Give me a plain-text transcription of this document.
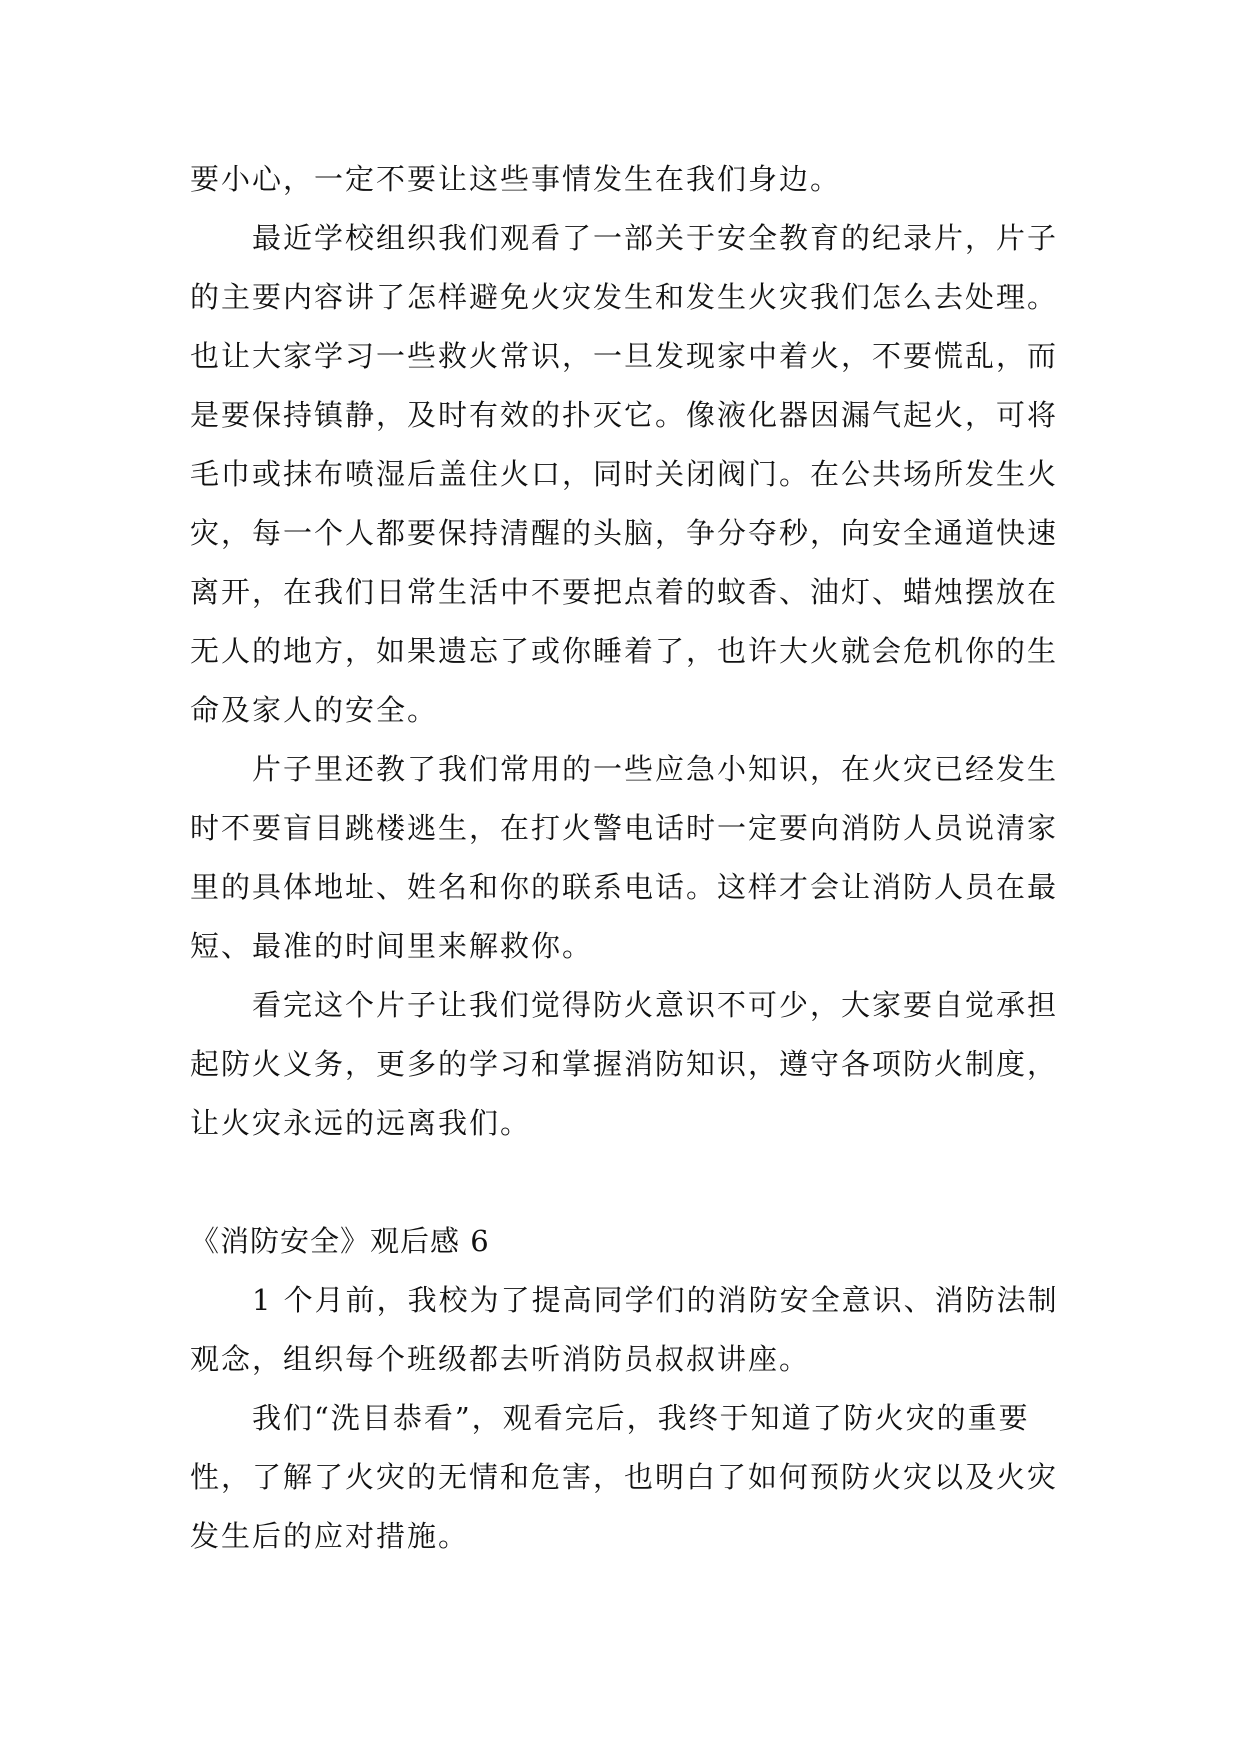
要小心，一定不要让这些事情发生在我们身边。

最近学校组织我们观看了一部关于安全教育的纪录片，片子的主要内容讲了怎样避免火灾发生和发生火灾我们怎么去处理。也让大家学习一些救火常识，一旦发现家中着火，不要慌乱，而是要保持镇静，及时有效的扑灭它。像液化器因漏气起火，可将毛巾或抹布喷湿后盖住火口，同时关闭阀门。在公共场所发生火灾，每一个人都要保持清醒的头脑，争分夺秒，向安全通道快速离开，在我们日常生活中不要把点着的蚊香、油灯、蜡烛摆放在无人的地方，如果遗忘了或你睡着了，也许大火就会危机你的生命及家人的安全。

片子里还教了我们常用的一些应急小知识，在火灾已经发生时不要盲目跳楼逃生，在打火警电话时一定要向消防人员说清家里的具体地址、姓名和你的联系电话。这样才会让消防人员在最短、最准的时间里来解救你。

看完这个片子让我们觉得防火意识不可少，大家要自觉承担起防火义务，更多的学习和掌握消防知识，遵守各项防火制度，让火灾永远的远离我们。

《消防安全》观后感 6

1 个月前，我校为了提高同学们的消防安全意识、消防法制观念，组织每个班级都去听消防员叔叔讲座。

我们“洗目恭看”，观看完后，我终于知道了防火灾的重要性，了解了火灾的无情和危害，也明白了如何预防火灾以及火灾发生后的应对措施。
